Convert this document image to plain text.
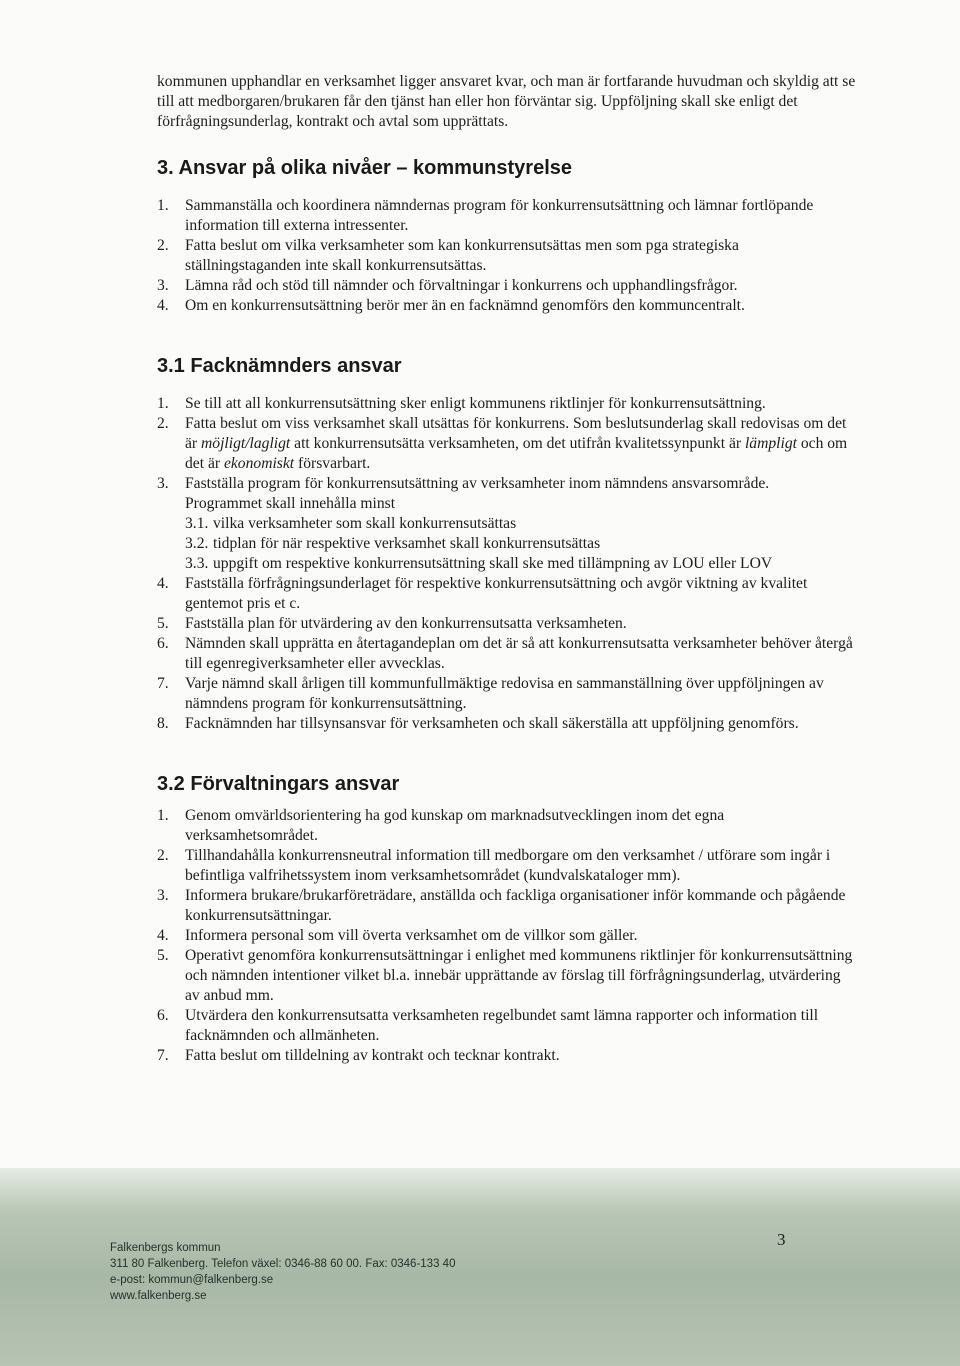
kommunen upphandlar en verksamhet ligger ansvaret kvar, och man är fortfarande huvudman och skyldig att se till att medborgaren/brukaren får den tjänst han eller hon förväntar sig. Uppföljning skall ske enligt det förfrågningsunderlag, kontrakt och avtal som upprättats.

3. Ansvar på olika nivåer – kommunstyrelse
1. Sammanställa och koordinera nämndernas program för konkurrensutsättning och lämnar fortlöpande information till externa intressenter.
2. Fatta beslut om vilka verksamheter som kan konkurrensutsättas men som pga strategiska ställningstaganden inte skall konkurrensutsättas.
3. Lämna råd och stöd till nämnder och förvaltningar i konkurrens och upphandlingsfrågor.
4. Om en konkurrensutsättning berör mer än en facknämnd genomförs den kommuncentralt.
3.1 Facknämnders ansvar
1. Se till att all konkurrensutsättning sker enligt kommunens riktlinjer för konkurrensutsättning.
2. Fatta beslut om viss verksamhet skall utsättas för konkurrens. Som beslutsunderlag skall redovisas om det är möjligt/lagligt att konkurrensutsätta verksamheten, om det utifrån kvalitetssynpunkt är lämpligt och om det är ekonomiskt försvarbart.
3. Fastställa program för konkurrensutsättning av verksamheter inom nämndens ansvarsområde.
Programmet skall innehålla minst
3.1. vilka verksamheter som skall konkurrensutsättas
3.2. tidplan för när respektive verksamhet skall konkurrensutsättas
3.3. uppgift om respektive konkurrensutsättning skall ske med tillämpning av LOU eller LOV
4. Fastställa förfrågningsunderlaget för respektive konkurrensutsättning och avgör viktning av kvalitet gentemot pris et c.
5. Fastställa plan för utvärdering av den konkurrensutsatta verksamheten.
6. Nämnden skall upprätta en återtagandeplan om det är så att konkurrensutsatta verksamheter behöver återgå till egenregiverksamheter eller avvecklas.
7. Varje nämnd skall årligen till kommunfullmäktige redovisa en sammanställning över uppföljningen av nämndens program för konkurrensutsättning.
8. Facknämnden har tillsynsansvar för verksamheten och skall säkerställa att uppföljning genomförs.
3.2 Förvaltningars ansvar
1. Genom omvärldsorientering ha god kunskap om marknadsutvecklingen inom det egna verksamhetsområdet.
2. Tillhandahålla konkurrensneutral information till medborgare om den verksamhet / utförare som ingår i befintliga valfrihetssystem inom verksamhetsområdet (kundvalskataloger mm).
3. Informera brukare/brukarföreträdare, anställda och fackliga organisationer inför kommande och pågående konkurrensutsättningar.
4. Informera personal som vill överta verksamhet om de villkor som gäller.
5. Operativt genomföra konkurrensutsättningar i enlighet med kommunens riktlinjer för konkurrensutsättning och nämnden intentioner vilket bl.a. innebär upprättande av förslag till förfrågningsunderlag, utvärdering av anbud mm.
6. Utvärdera den konkurrensutsatta verksamheten regelbundet samt lämna rapporter och information till facknämnden och allmänheten.
7. Fatta beslut om tilldelning av kontrakt och tecknar kontrakt.
Falkenbergs kommun
311 80 Falkenberg. Telefon växel: 0346-88 60 00. Fax: 0346-133 40
e-post: kommun@falkenberg.se
www.falkenberg.se
3
